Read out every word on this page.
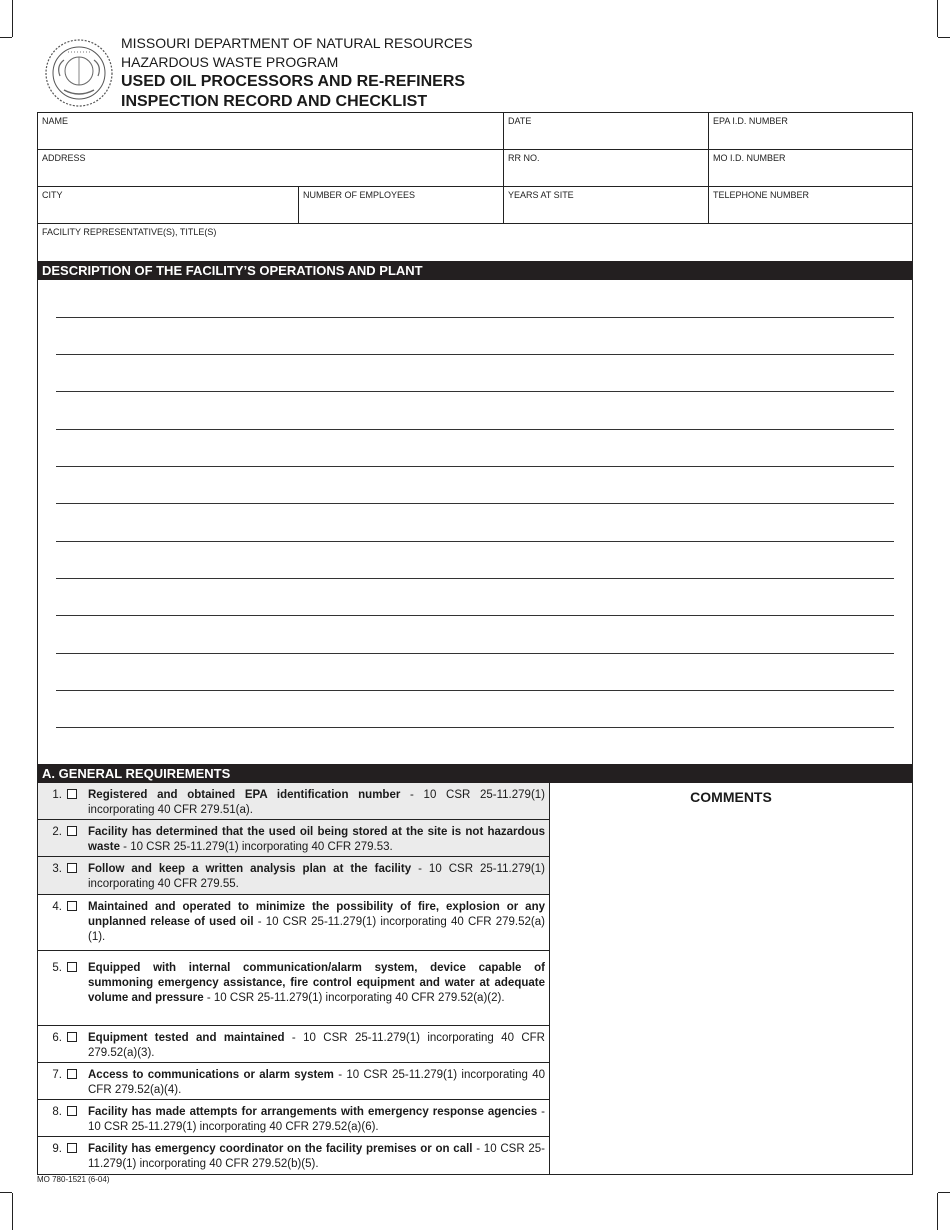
MISSOURI DEPARTMENT OF NATURAL RESOURCES
HAZARDOUS WASTE PROGRAM
USED OIL PROCESSORS AND RE-REFINERS
INSPECTION RECORD AND CHECKLIST
NAME	DATE	EPA I.D. NUMBER
ADDRESS	RR NO.	MO I.D. NUMBER
CITY	NUMBER OF EMPLOYEES	YEARS AT SITE	TELEPHONE NUMBER
FACILITY REPRESENTATIVE(S), TITLE(S)
DESCRIPTION OF THE FACILITY’S OPERATIONS AND PLANT
A. GENERAL REQUIREMENTS
COMMENTS
1. Registered and obtained EPA identification number - 10 CSR 25-11.279(1) incorporating 40 CFR 279.51(a).
2. Facility has determined that the used oil being stored at the site is not hazardous waste - 10 CSR 25-11.279(1) incorporating 40 CFR 279.53.
3. Follow and keep a written analysis plan at the facility - 10 CSR 25-11.279(1) incorporating 40 CFR 279.55.
4. Maintained and operated to minimize the possibility of fire, explosion or any unplanned release of used oil - 10 CSR 25-11.279(1) incorporating 40 CFR 279.52(a)(1).
5. Equipped with internal communication/alarm system, device capable of summoning emergency assistance, fire control equipment and water at adequate volume and pressure - 10 CSR 25-11.279(1) incorporating 40 CFR 279.52(a)(2).
6. Equipment tested and maintained - 10 CSR 25-11.279(1) incorporating 40 CFR 279.52(a)(3).
7. Access to communications or alarm system - 10 CSR 25-11.279(1) incorporating 40 CFR 279.52(a)(4).
8. Facility has made attempts for arrangements with emergency response agencies - 10 CSR 25-11.279(1) incorporating 40 CFR 279.52(a)(6).
9. Facility has emergency coordinator on the facility premises or on call - 10 CSR 25-11.279(1) incorporating 40 CFR 279.52(b)(5).
MO 780-1521 (6-04)
